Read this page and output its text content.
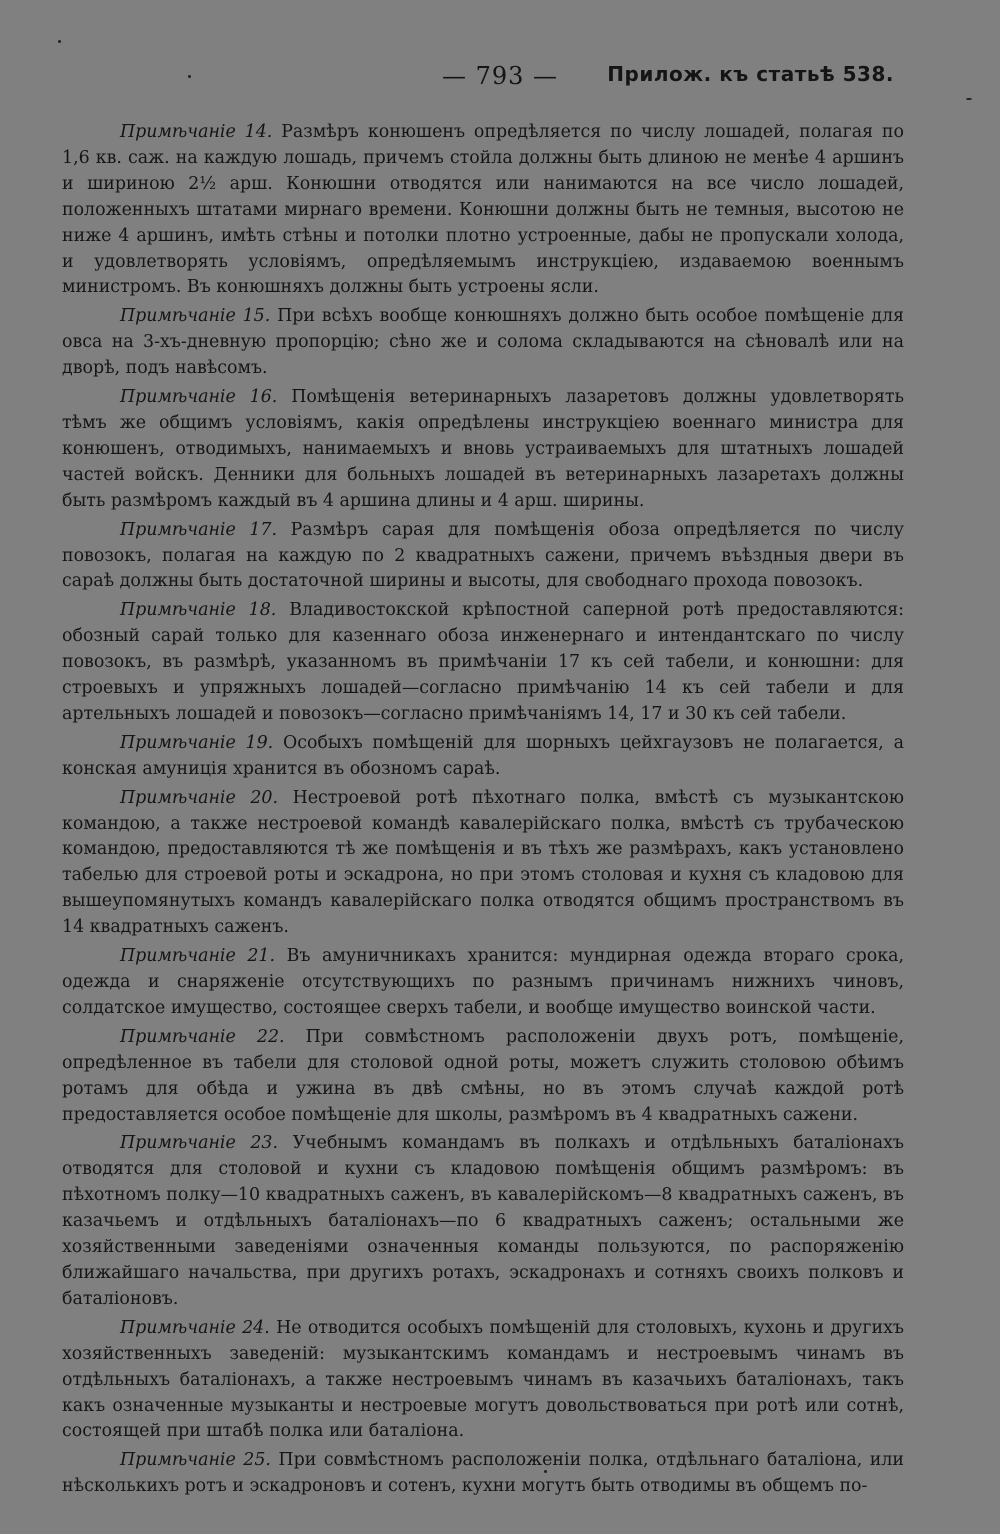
— 793 —	Прилож. къ статьѣ 538.

Примѣчаніе 14. Размѣръ конюшенъ опредѣляется по числу лошадей, полагая по 1,6 кв. саж. на каждую лошадь, причемъ стойла должны быть длиною не менѣе 4 аршинъ и шириною 2½ арш. Конюшни отводятся или нанимаются на все число лошадей, положенныхъ штатами мирнаго времени. Конюшни должны быть не темныя, высотою не ниже 4 аршинъ, имѣть стѣны и потолки плотно устроенные, дабы не пропускали холода, и удовлетворять условіямъ, опредѣляемымъ инструкціею, издаваемою военнымъ министромъ. Въ конюшняхъ должны быть устроены ясли.

Примѣчаніе 15. При всѣхъ вообще конюшняхъ должно быть особое помѣщеніе для овса на 3-хъ-дневную пропорцію; сѣно же и солома складываются на сѣновалѣ или на дворѣ, подъ навѣсомъ.

Примѣчаніе 16. Помѣщенія ветеринарныхъ лазаретовъ должны удовлетворять тѣмъ же общимъ условіямъ, какія опредѣлены инструкціею военнаго министра для конюшенъ, отводимыхъ, нанимаемыхъ и вновь устраиваемыхъ для штатныхъ лошадей частей войскъ. Денники для больныхъ лошадей въ ветеринарныхъ лазаретахъ должны быть размѣромъ каждый въ 4 аршина длины и 4 арш. ширины.

Примѣчаніе 17. Размѣръ сарая для помѣщенія обоза опредѣляется по числу повозокъ, полагая на каждую по 2 квадратныхъ сажени, причемъ въѣздныя двери въ сараѣ должны быть достаточной ширины и высоты, для свободнаго прохода повозокъ.

Примѣчаніе 18. Владивостокской крѣпостной саперной ротѣ предоставляются: обозный сарай только для казеннаго обоза инженернаго и интендантскаго по числу повозокъ, въ размѣрѣ, указанномъ въ примѣчаніи 17 къ сей табели, и конюшни: для строевыхъ и упряжныхъ лошадей—согласно примѣчанію 14 къ сей табели и для артельныхъ лошадей и повозокъ—согласно примѣчаніямъ 14, 17 и 30 къ сей табели.

Примѣчаніе 19. Особыхъ помѣщеній для шорныхъ цейхгаузовъ не полагается, а конская амуниція хранится въ обозномъ сараѣ.

Примѣчаніе 20. Нестроевой ротѣ пѣхотнаго полка, вмѣстѣ съ музыкантскою командою, а также нестроевой командѣ кавалерійскаго полка, вмѣстѣ съ трубаческою командою, предоставляются тѣ же помѣщенія и въ тѣхъ же размѣрахъ, какъ установлено табелью для строевой роты и эскадрона, но при этомъ столовая и кухня съ кладовою для вышеупомянутыхъ командъ кавалерійскаго полка отводятся общимъ пространствомъ въ 14 квадратныхъ саженъ.

Примѣчаніе 21. Въ амуничникахъ хранится: мундирная одежда втораго срока, одежда и снаряженіе отсутствующихъ по разнымъ причинамъ нижнихъ чиновъ, солдатское имущество, состоящее сверхъ табели, и вообще имущество воинской части.

Примѣчаніе 22. При совмѣстномъ расположеніи двухъ ротъ, помѣщеніе, опредѣленное въ табели для столовой одной роты, можетъ служить столовою обѣимъ ротамъ для обѣда и ужина въ двѣ смѣны, но въ этомъ случаѣ каждой ротѣ предоставляется особое помѣщеніе для школы, размѣромъ въ 4 квадратныхъ сажени.

Примѣчаніе 23. Учебнымъ командамъ въ полкахъ и отдѣльныхъ баталіонахъ отводятся для столовой и кухни съ кладовою помѣщенія общимъ размѣромъ: въ пѣхотномъ полку—10 квадратныхъ саженъ, въ кавалерійскомъ—8 квадратныхъ саженъ, въ казачьемъ и отдѣльныхъ баталіонахъ—по 6 квадратныхъ саженъ; остальными же хозяйственными заведеніями означенныя команды пользуются, по распоряженію ближайшаго начальства, при другихъ ротахъ, эскадронахъ и сотняхъ своихъ полковъ и баталіоновъ.

Примѣчаніе 24. Не отводится особыхъ помѣщеній для столовыхъ, кухонь и другихъ хозяйственныхъ заведеній: музыкантскимъ командамъ и нестроевымъ чинамъ въ отдѣльныхъ баталіонахъ, а также нестроевымъ чинамъ въ казачьихъ баталіонахъ, такъ какъ означенные музыканты и нестроевые могутъ довольствоваться при ротѣ или сотнѣ, состоящей при штабѣ полка или баталіона.

Примѣчаніе 25. При совмѣстномъ расположеніи полка, отдѣльнаго баталіона, или нѣсколькихъ ротъ и эскадроновъ и сотенъ, кухни могутъ быть отводимы въ общемъ по-
